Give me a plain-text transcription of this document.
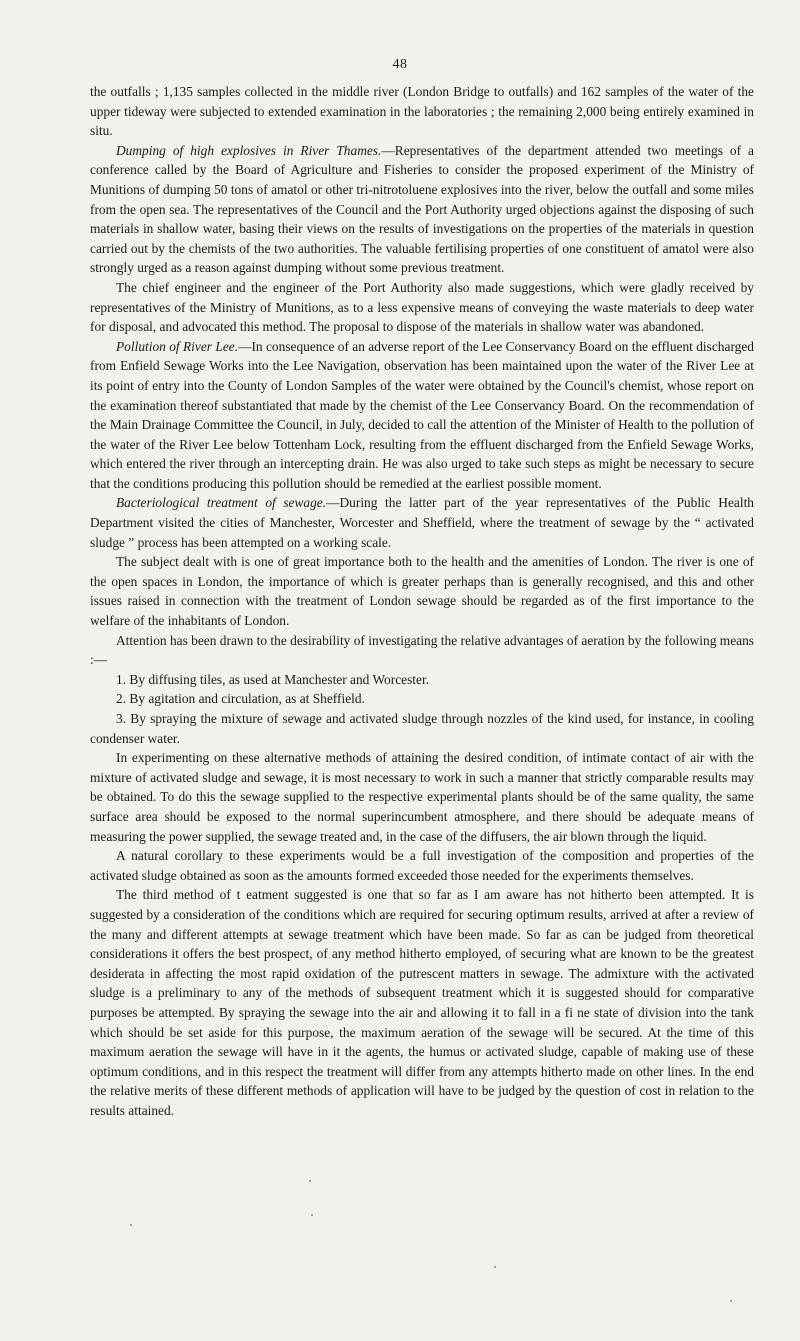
48

the outfalls ; 1,135 samples collected in the middle river (London Bridge to outfalls) and 162 samples of the water of the upper tideway were subjected to extended examination in the laboratories ; the remaining 2,000 being entirely examined in situ.

Dumping of high explosives in River Thames.—Representatives of the department attended two meetings of a conference called by the Board of Agriculture and Fisheries to consider the proposed experiment of the Ministry of Munitions of dumping 50 tons of amatol or other tri-nitrotoluene explosives into the river, below the outfall and some miles from the open sea. The representatives of the Council and the Port Authority urged objections against the disposing of such materials in shallow water, basing their views on the results of investigations on the properties of the materials in question carried out by the chemists of the two authorities. The valuable fertilising properties of one constituent of amatol were also strongly urged as a reason against dumping without some previous treatment.

The chief engineer and the engineer of the Port Authority also made suggestions, which were gladly received by representatives of the Ministry of Munitions, as to a less expensive means of conveying the waste materials to deep water for disposal, and advocated this method. The proposal to dispose of the materials in shallow water was abandoned.

Pollution of River Lee.—In consequence of an adverse report of the Lee Conservancy Board on the effluent discharged from Enfield Sewage Works into the Lee Navigation, observation has been maintained upon the water of the River Lee at its point of entry into the County of London Samples of the water were obtained by the Council's chemist, whose report on the examination thereof substantiated that made by the chemist of the Lee Conservancy Board. On the recommendation of the Main Drainage Committee the Council, in July, decided to call the attention of the Minister of Health to the pollution of the water of the River Lee below Tottenham Lock, resulting from the effluent discharged from the Enfield Sewage Works, which entered the river through an intercepting drain. He was also urged to take such steps as might be necessary to secure that the conditions producing this pollution should be remedied at the earliest possible moment.

Bacteriological treatment of sewage.—During the latter part of the year representatives of the Public Health Department visited the cities of Manchester, Worcester and Sheffield, where the treatment of sewage by the “ activated sludge ” process has been attempted on a working scale.

The subject dealt with is one of great importance both to the health and the amenities of London. The river is one of the open spaces in London, the importance of which is greater perhaps than is generally recognised, and this and other issues raised in connection with the treatment of London sewage should be regarded as of the first importance to the welfare of the inhabitants of London.

Attention has been drawn to the desirability of investigating the relative advantages of aeration by the following means :—

1. By diffusing tiles, as used at Manchester and Worcester.

2. By agitation and circulation, as at Sheffield.

3. By spraying the mixture of sewage and activated sludge through nozzles of the kind used, for instance, in cooling condenser water.

In experimenting on these alternative methods of attaining the desired condition, of intimate contact of air with the mixture of activated sludge and sewage, it is most necessary to work in such a manner that strictly comparable results may be obtained. To do this the sewage supplied to the respective experimental plants should be of the same quality, the same surface area should be exposed to the normal superincumbent atmosphere, and there should be adequate means of measuring the power supplied, the sewage treated and, in the case of the diffusers, the air blown through the liquid.

A natural corollary to these experiments would be a full investigation of the composition and properties of the activated sludge obtained as soon as the amounts formed exceeded those needed for the experiments themselves.

The third method of t eatment suggested is one that so far as I am aware has not hitherto been attempted. It is suggested by a consideration of the conditions which are required for securing optimum results, arrived at after a review of the many and different attempts at sewage treatment which have been made. So far as can be judged from theoretical considerations it offers the best prospect, of any method hitherto employed, of securing what are known to be the greatest desiderata in affecting the most rapid oxidation of the putrescent matters in sewage. The admixture with the activated sludge is a preliminary to any of the methods of subsequent treatment which it is suggested should for comparative purposes be attempted. By spraying the sewage into the air and allowing it to fall in a fi ne state of division into the tank which should be set aside for this purpose, the maximum aeration of the sewage will be secured. At the time of this maximum aeration the sewage will have in it the agents, the humus or activated sludge, capable of making use of these optimum conditions, and in this respect the treatment will differ from any attempts hitherto made on other lines. In the end the relative merits of these different methods of application will have to be judged by the question of cost in relation to the results attained.
